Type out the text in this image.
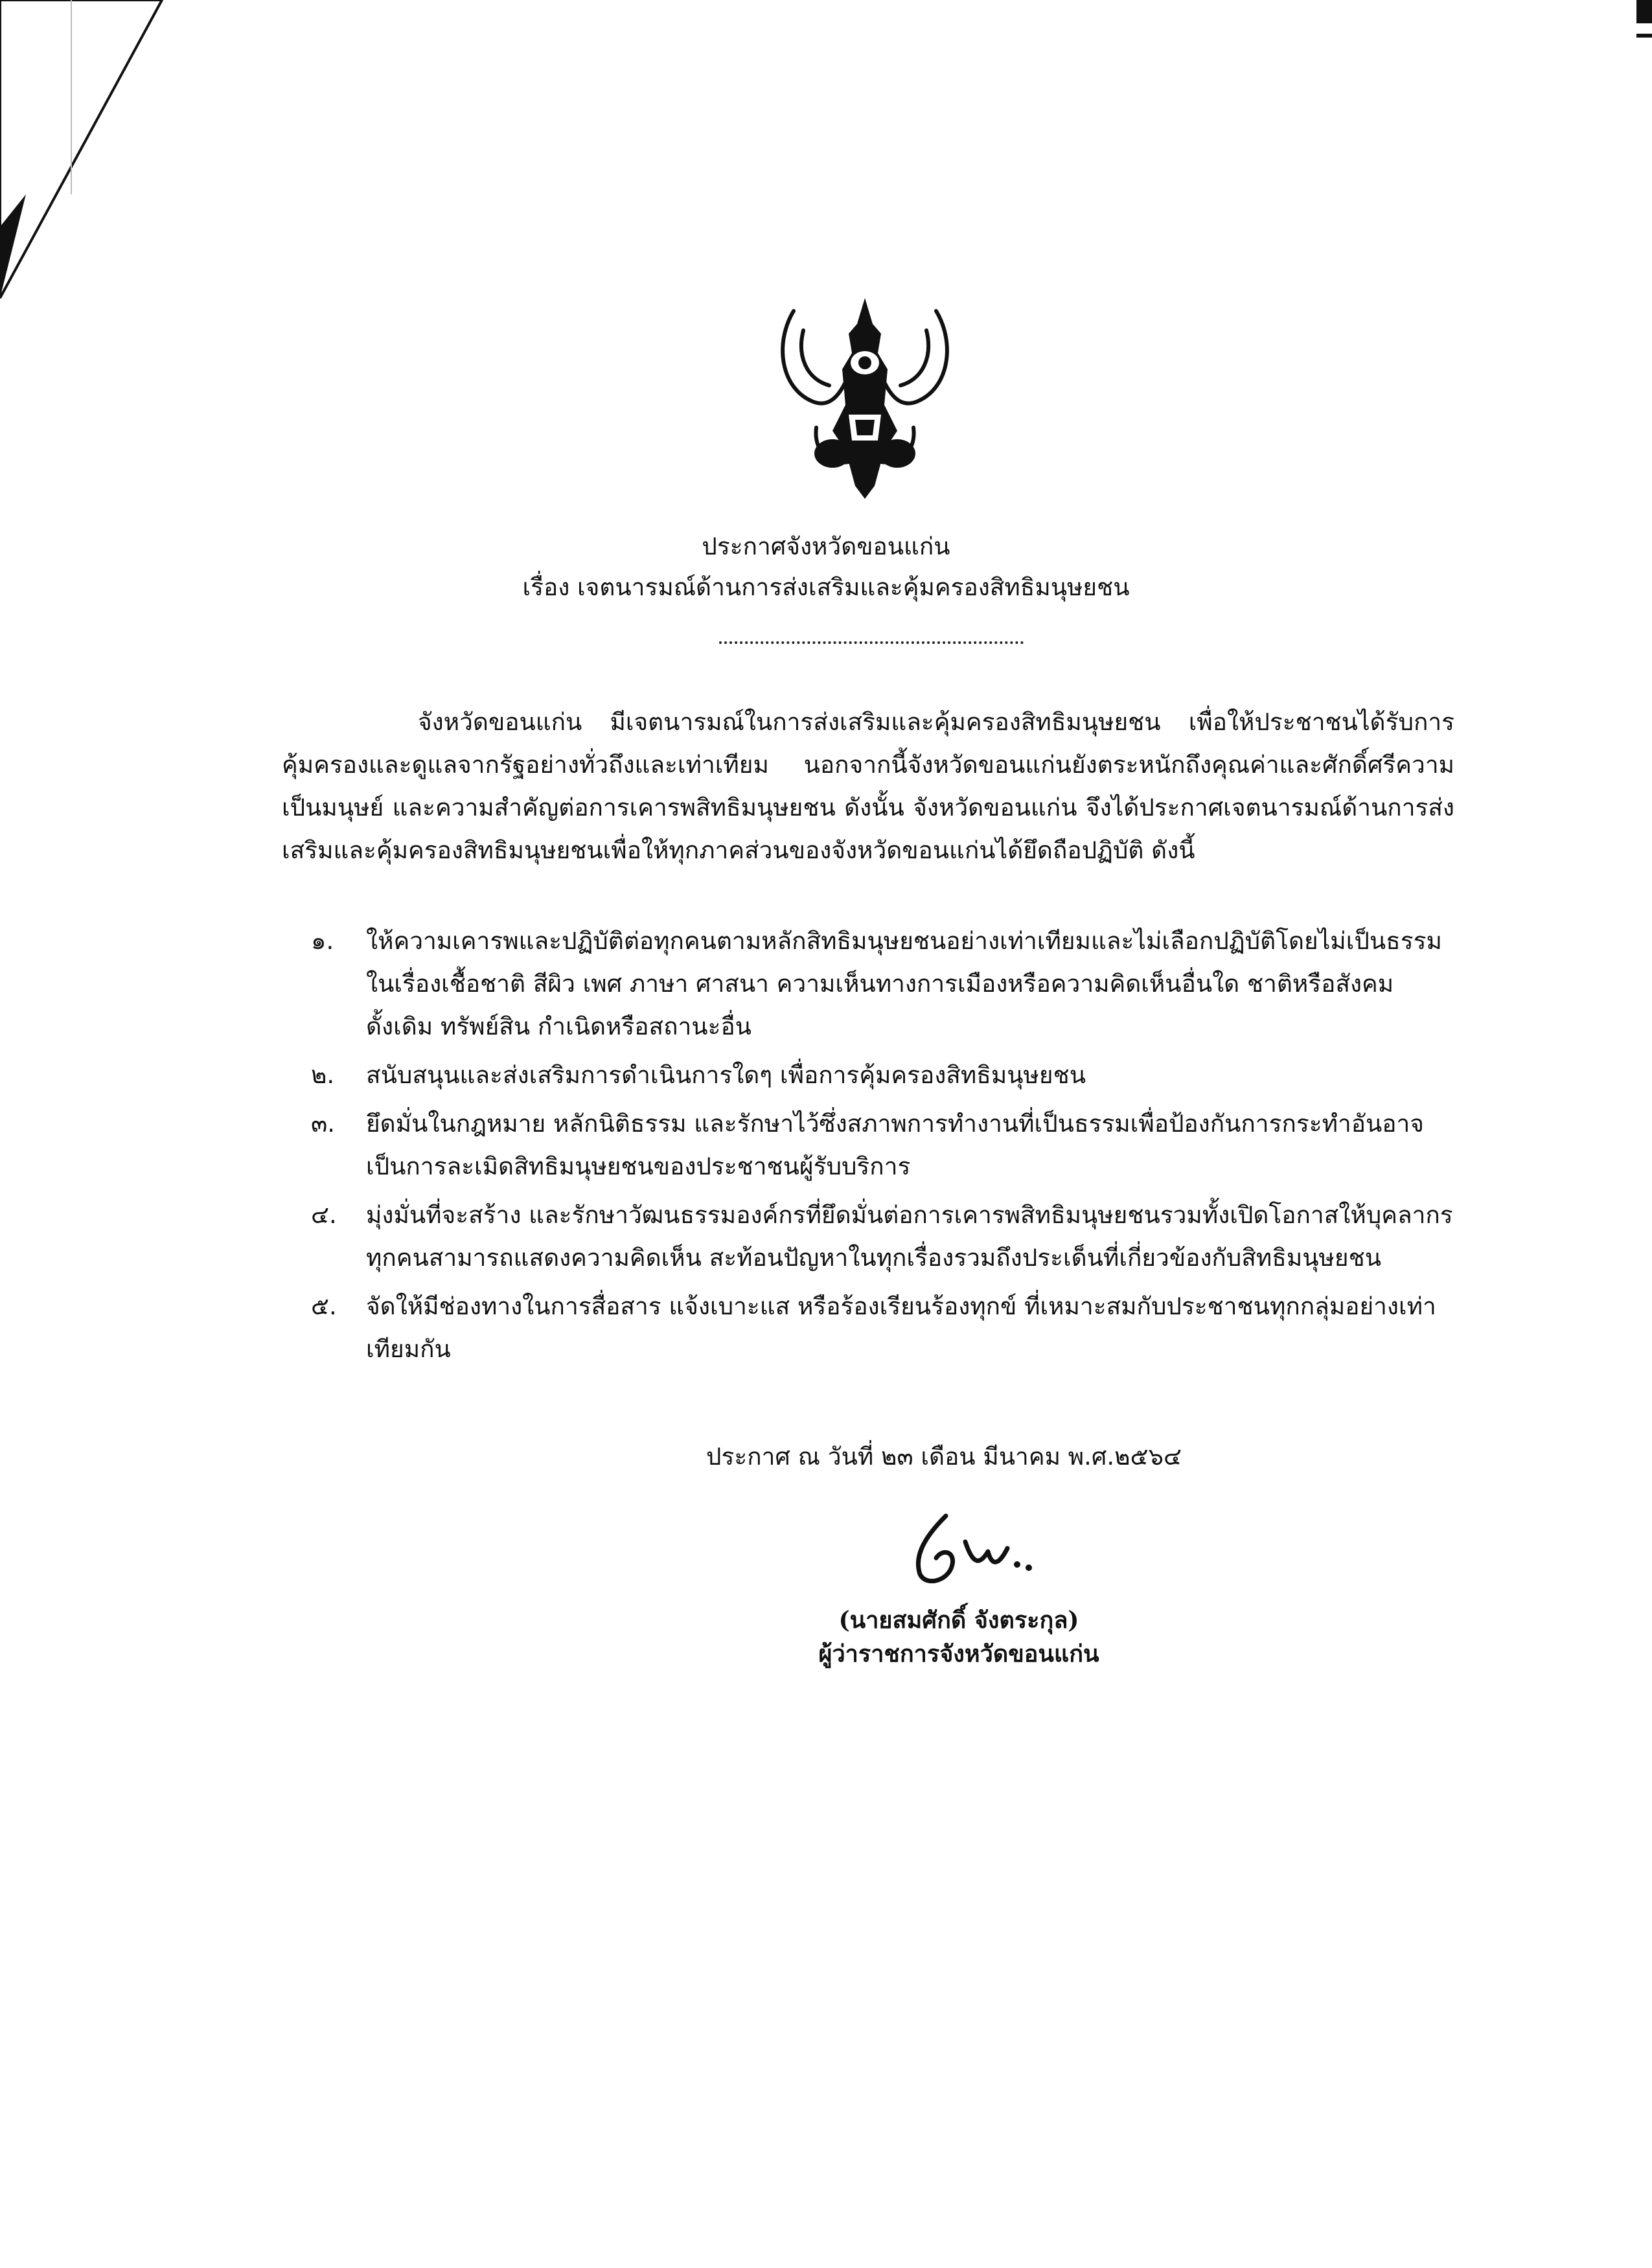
ประกาศจังหวัดขอนแก่น
เรื่อง เจตนารมณ์ด้านการส่งเสริมและคุ้มครองสิทธิมนุษยชน

จังหวัดขอนแก่น มีเจตนารมณ์ในการส่งเสริมและคุ้มครองสิทธิมนุษยชน เพื่อให้ประชาชนได้รับการคุ้มครองและดูแลจากรัฐอย่างทั่วถึงและเท่าเทียม นอกจากนี้จังหวัดขอนแก่นยังตระหนักถึงคุณค่าและศักดิ์ศรีความเป็นมนุษย์ และความสำคัญต่อการเคารพสิทธิมนุษยชน ดังนั้น จังหวัดขอนแก่น จึงได้ประกาศเจตนารมณ์ด้านการส่งเสริมและคุ้มครองสิทธิมนุษยชนเพื่อให้ทุกภาคส่วนของจังหวัดขอนแก่นได้ยึดถือปฏิบัติ ดังนี้

๑. ให้ความเคารพและปฏิบัติต่อทุกคนตามหลักสิทธิมนุษยชนอย่างเท่าเทียมและไม่เลือกปฏิบัติโดยไม่เป็นธรรมในเรื่องเชื้อชาติ สีผิว เพศ ภาษา ศาสนา ความเห็นทางการเมืองหรือความคิดเห็นอื่นใด ชาติหรือสังคมดั้งเดิม ทรัพย์สิน กำเนิดหรือสถานะอื่น
๒. สนับสนุนและส่งเสริมการดำเนินการใดๆ เพื่อการคุ้มครองสิทธิมนุษยชน
๓. ยึดมั่นในกฎหมาย หลักนิติธรรม และรักษาไว้ซึ่งสภาพการทำงานที่เป็นธรรมเพื่อป้องกันการกระทำอันอาจเป็นการละเมิดสิทธิมนุษยชนของประชาชนผู้รับบริการ
๔. มุ่งมั่นที่จะสร้าง และรักษาวัฒนธรรมองค์กรที่ยึดมั่นต่อการเคารพสิทธิมนุษยชนรวมทั้งเปิดโอกาสให้บุคลากรทุกคนสามารถแสดงความคิดเห็น สะท้อนปัญหาในทุกเรื่องรวมถึงประเด็นที่เกี่ยวข้องกับสิทธิมนุษยชน
๕. จัดให้มีช่องทางในการสื่อสาร แจ้งเบาะแส หรือร้องเรียนร้องทุกข์ ที่เหมาะสมกับประชาชนทุกกลุ่มอย่างเท่าเทียมกัน
ประกาศ ณ วันที่ ๒๓ เดือน มีนาคม พ.ศ.๒๕๖๔
(นายสมศักดิ์ จังตระกุล)
ผู้ว่าราชการจังหวัดขอนแก่น
